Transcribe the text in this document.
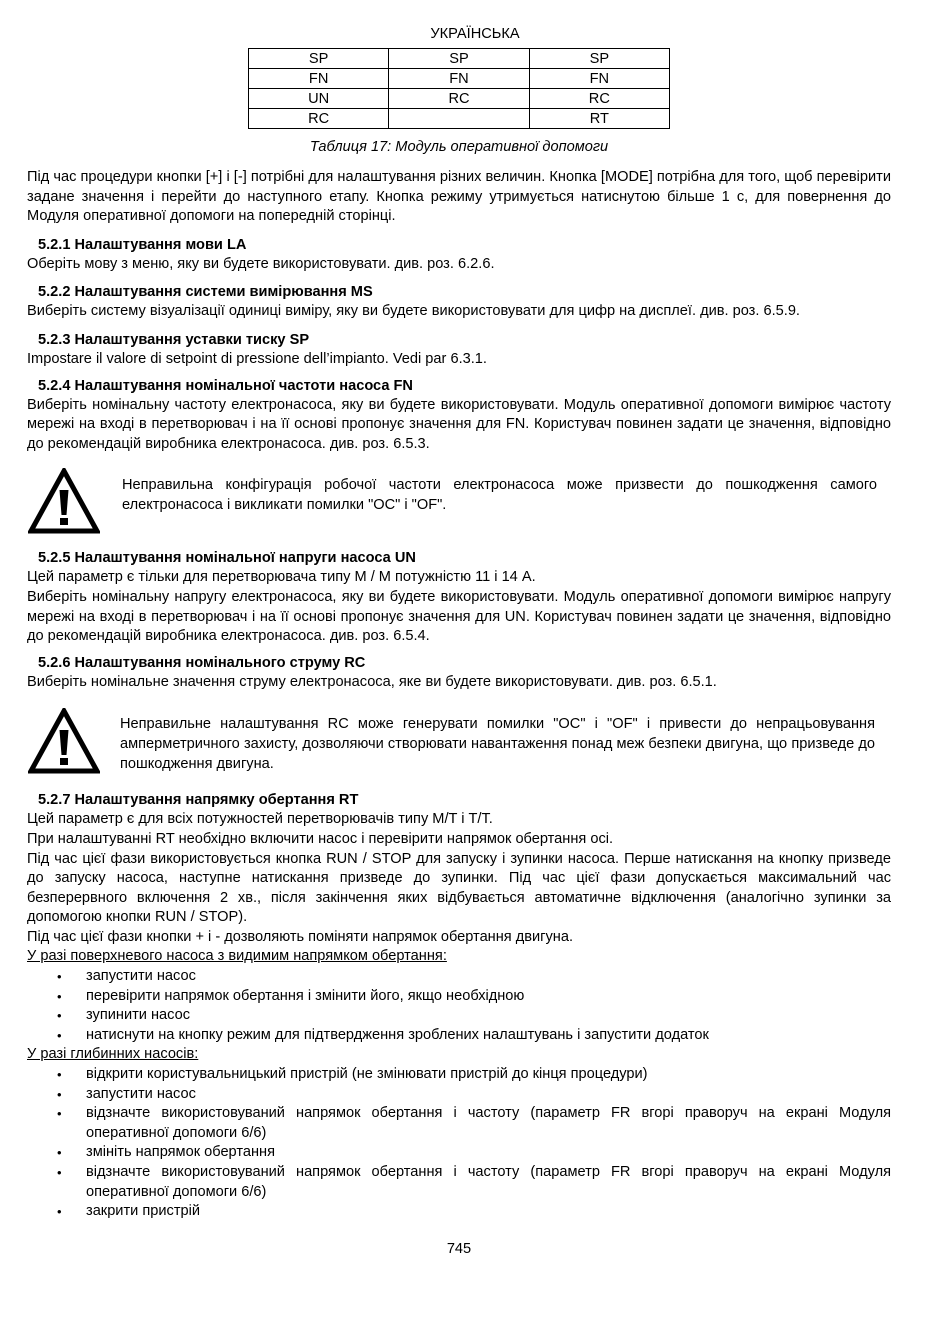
УКРАЇНСЬКА
SP	SP	SP
FN	FN	FN
UN	RC	RC
RC		RT
Таблиця 17: Модуль оперативної допомоги

Під час процедури кнопки [+] і [-] потрібні для налаштування різних величин. Кнопка [MODE] потрібна для того, щоб перевірити задане значення і перейти до наступного етапу. Кнопка режиму утримується натиснутою більше 1 с, для повернення до Модуля оперативної допомоги на попередній сторінці.

5.2.1 Налаштування мови LA

Оберіть мову з меню, яку ви будете використовувати. див. роз. 6.2.6.

5.2.2 Налаштування системи вимірювання MS

Виберіть систему візуалізації одиниці виміру, яку ви будете використовувати для цифр на дисплеї. див. роз. 6.5.9.

5.2.3 Налаштування уставки тиску SP

Impostare il valore di setpoint di pressione dell’impianto. Vedi par 6.3.1.

5.2.4 Налаштування номінальної частоти насоса FN

Виберіть номінальну частоту електронасоса, яку ви будете використовувати. Модуль оперативної допомоги вимірює частоту мережі на вході в перетворювач і на її основі пропонує значення для FN. Користувач повинен задати це значення, відповідно до рекомендацій виробника електронасоса. див. роз. 6.5.3.

Неправильна конфігурація робочої частоти електронасоса може призвести до пошкодження самого електронасоса і викликати помилки "OC" і "OF".
5.2.5 Налаштування номінальної напруги насоса UN

Цей параметр є тільки для перетворювача типу M / M потужністю 11 і 14 A.

Виберіть номінальну напругу електронасоса, яку ви будете використовувати. Модуль оперативної допомоги вимірює напругу мережі на вході в перетворювач і на її основі пропонує значення для UN. Користувач повинен задати це значення, відповідно до рекомендацій виробника електронасоса. див. роз. 6.5.4.

5.2.6 Налаштування номінального струму RC

Виберіть номінальне значення струму електронасоса, яке ви будете використовувати. див. роз. 6.5.1.

Неправильне налаштування RC може генерувати помилки "OC" і "OF" і привести до непрацьовування амперметричного захисту, дозволяючи створювати навантаження понад меж безпеки двигуна, що призведе до пошкодження двигуна.
5.2.7 Налаштування напрямку обертання RT

Цей параметр є для всіх потужностей перетворювачів типу M/T і T/T.

При налаштуванні RT необхідно включити насос і перевірити напрямок обертання осі.

Під час цієї фази використовується кнопка RUN / STOP для запуску і зупинки насоса. Перше натискання на кнопку призведе до запуску насоса, наступне натискання призведе до зупинки. Під час цієї фази допускається максимальний час безперервного включення 2 хв., після закінчення яких відбувається автоматичне відключення (аналогічно зупинки за допомогою кнопки RUN / STOP).

Під час цієї фази кнопки + і - дозволяють поміняти напрямок обертання двигуна.

У разі поверхневого насоса з видимим напрямком обертання:

• запустити насос
• перевірити напрямок обертання і змінити його, якщо необхідною
• зупинити насос
• натиснути на кнопку режим для підтвердження зроблених налаштувань і запустити додаток

У разі глибинних насосів:

• відкрити користувальницький пристрій (не змінювати пристрій до кінця процедури)
• запустити насос
• відзначте використовуваний напрямок обертання і частоту (параметр FR вгорі праворуч на екрані Модуля оперативної допомоги 6/6)
• змініть напрямок обертання
• відзначте використовуваний напрямок обертання і частоту (параметр FR вгорі праворуч на екрані Модуля оперативної допомоги 6/6)
• закрити пристрій
745
